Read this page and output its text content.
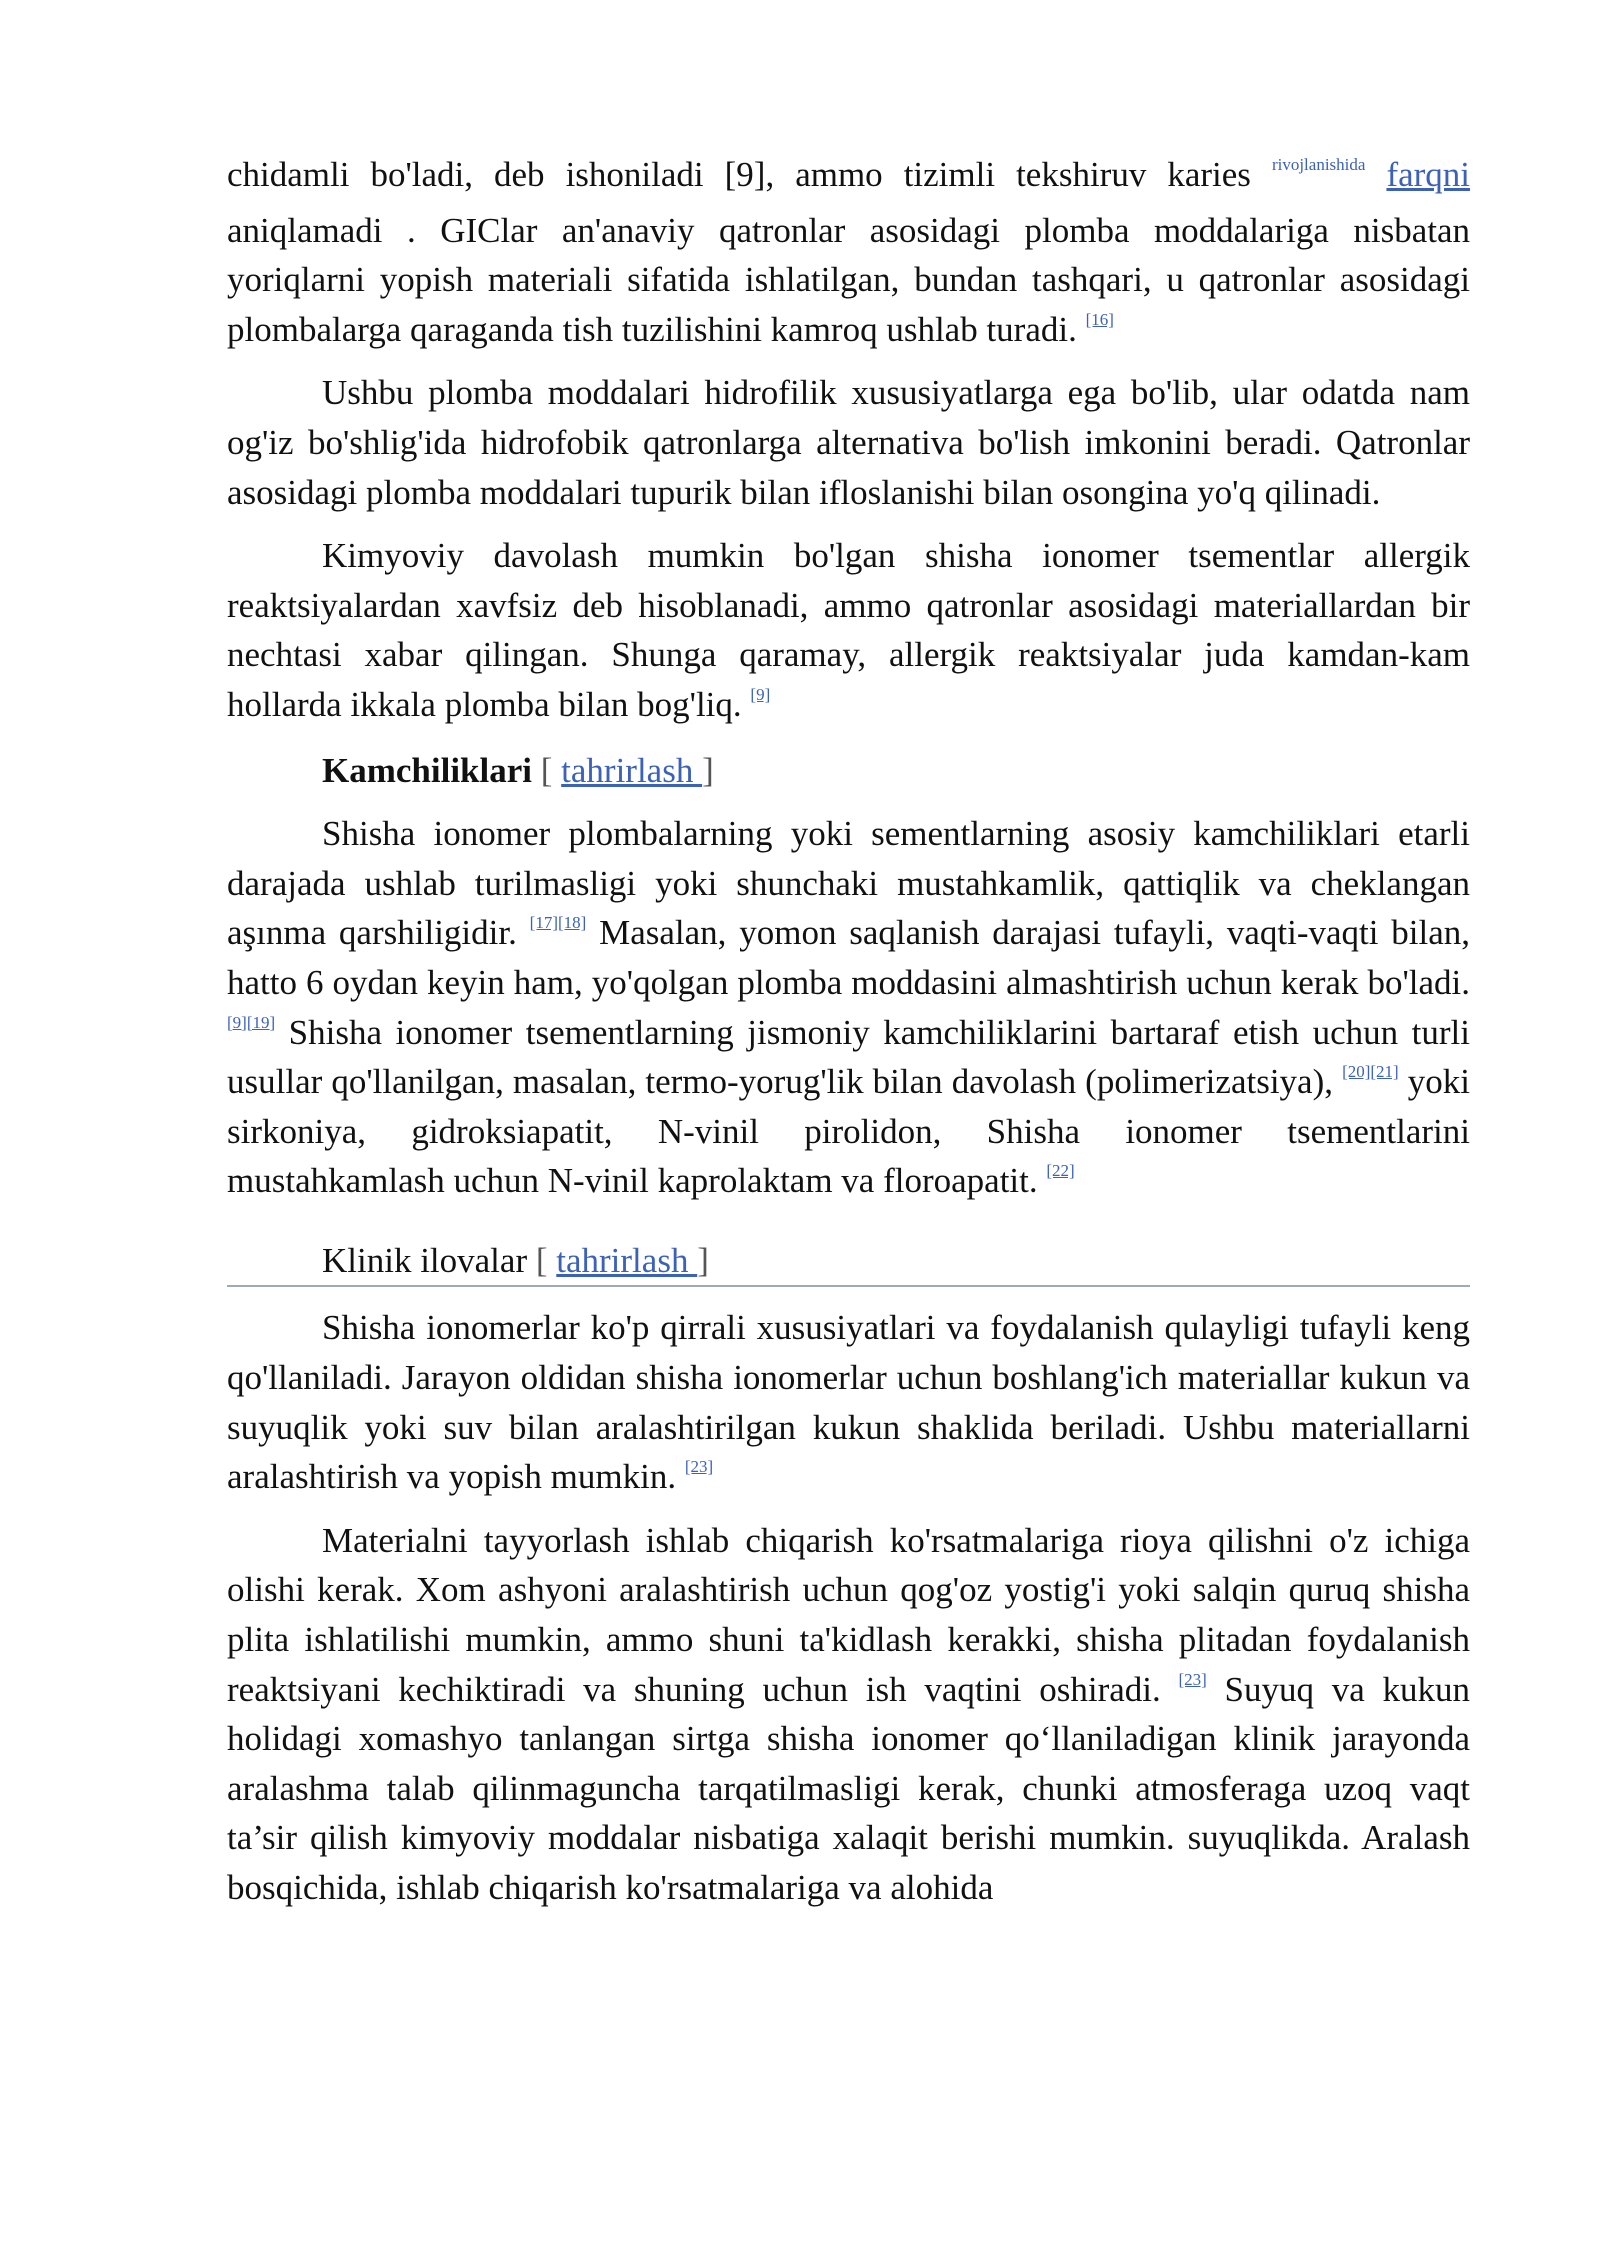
chidamli bo'ladi, deb ishoniladi [9], ammo tizimli tekshiruv karies $^{rivojlanishida}$ farqni aniqlamadi . GIClar an'anaviy qatronlar asosidagi plomba moddalariga nisbatan yoriqlarni yopish materiali sifatida ishlatilgan, bundan tashqari, u qatronlar asosidagi plombalarga qaraganda tish tuzilishini kamroq ushlab turadi. [16]

Ushbu plomba moddalari hidrofilik xususiyatlarga ega bo'lib, ular odatda nam og'iz bo'shlig'ida hidrofobik qatronlarga alternativa bo'lish imkonini beradi. Qatronlar asosidagi plomba moddalari tupurik bilan ifloslanishi bilan osongina yo'q qilinadi.

Kimyoviy davolash mumkin bo'lgan shisha ionomer tsementlar allergik reaktsiyalardan xavfsiz deb hisoblanadi, ammo qatronlar asosidagi materiallardan bir nechtasi xabar qilingan. Shunga qaramay, allergik reaktsiyalar juda kamdan-kam hollarda ikkala plomba bilan bog'liq. [9]

Kamchiliklari [ tahrirlash ]

Shisha ionomer plombalarning yoki sementlarning asosiy kamchiliklari etarli darajada ushlab turilmasligi yoki shunchaki mustahkamlik, qattiqlik va cheklangan aşınma qarshiligidir. [17][18] Masalan, yomon saqlanish darajasi tufayli, vaqti-vaqti bilan, hatto 6 oydan keyin ham, yo'qolgan plomba moddasini almashtirish uchun kerak bo'ladi. [9][19] Shisha ionomer tsementlarning jismoniy kamchiliklarini bartaraf etish uchun turli usullar qo'llanilgan, masalan, termo-yorug'lik bilan davolash (polimerizatsiya), [20][21] yoki sirkoniya, gidroksiapatit, N-vinil pirolidon, Shisha ionomer tsementlarini mustahkamlash uchun N-vinil kaprolaktam va floroapatit. [22]

Klinik ilovalar [ tahrirlash ]

Shisha ionomerlar ko'p qirrali xususiyatlari va foydalanish qulayligi tufayli keng qo'llaniladi. Jarayon oldidan shisha ionomerlar uchun boshlang'ich materiallar kukun va suyuqlik yoki suv bilan aralashtirilgan kukun shaklida beriladi. Ushbu materiallarni aralashtirish va yopish mumkin. [23]

Materialni tayyorlash ishlab chiqarish ko'rsatmalariga rioya qilishni o'z ichiga olishi kerak. Xom ashyoni aralashtirish uchun qog'oz yostig'i yoki salqin quruq shisha plita ishlatilishi mumkin, ammo shuni ta'kidlash kerakki, shisha plitadan foydalanish reaktsiyani kechiktiradi va shuning uchun ish vaqtini oshiradi. [23] Suyuq va kukun holidagi xomashyo tanlangan sirtga shisha ionomer qo‘llaniladigan klinik jarayonda aralashma talab qilinmaguncha tarqatilmasligi kerak, chunki atmosferaga uzoq vaqt ta’sir qilish kimyoviy moddalar nisbatiga xalaqit berishi mumkin. suyuqlikda. Aralash bosqichida, ishlab chiqarish ko'rsatmalariga va alohida
